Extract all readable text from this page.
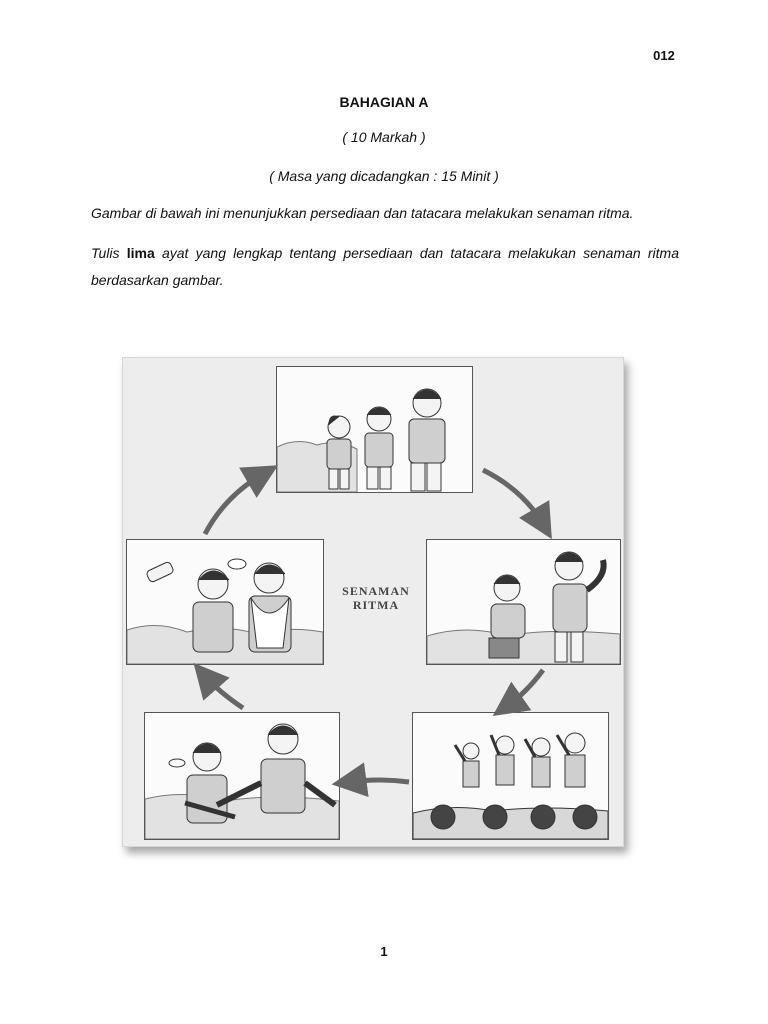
012
BAHAGIAN A
( 10 Markah )
( Masa yang dicadangkan : 15 Minit )
Gambar di bawah ini menunjukkan persediaan dan tatacara melakukan senaman ritma.
Tulis lima ayat yang lengkap tentang persediaan dan tatacara melakukan senaman ritma berdasarkan gambar.
SENAMAN
RITMA
1
